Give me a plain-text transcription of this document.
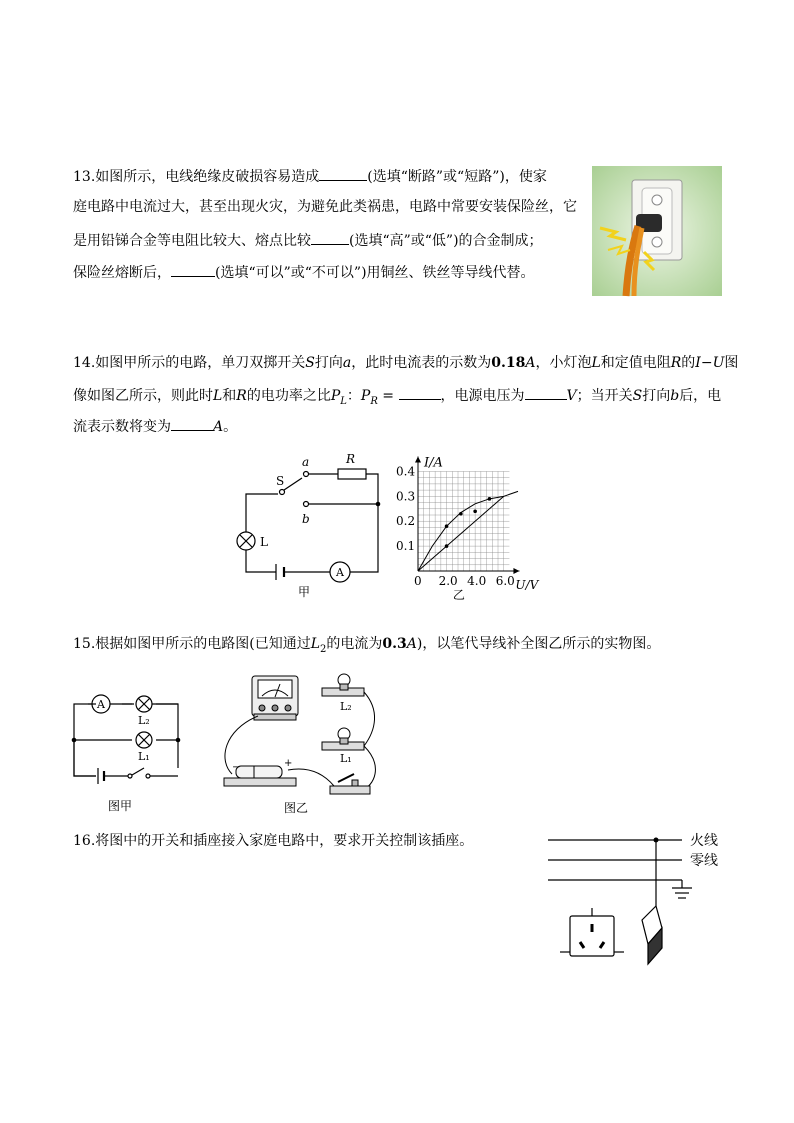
13.如图所示，电线绝缘皮破损容易造成	(选填“断路”或“短路”)，使家
庭电路中电流过大，甚至出现火灾，为避免此类祸患，电路中常要安装保险丝，它
是用铅锑合金等电阻比较大、熔点比较	(选填“高”或“低”)的合金制成；
保险丝熔断后，	(选填“可以”或“不可以”)用铜丝、铁丝等导线代替。
14.如图甲所示的电路，单刀双掷开关S打向a，此时电流表的示数为0.18A，小灯泡L和定值电阻R的I−U图
像如图乙所示，则此时L和R的电功率之比$P_L$：$P_R$ =	，电源电压为	V；当开关S打向b后，电
流表示数将变为	A。
a
b
S
R
L
A
甲
0 2.0 4.0 6.0
0.1
0.2
0.3
0.4
I/A
U/V
乙
15.根据如图甲所示的电路图(已知通过$L_2$的电流为0.3A)，以笔代导线补全图乙所示的实物图。
A
L₂
L₁
图甲
−	+
L₂
L₁
图乙
16.将图中的开关和插座接入家庭电路中，要求开关控制该插座。	火线
零线
